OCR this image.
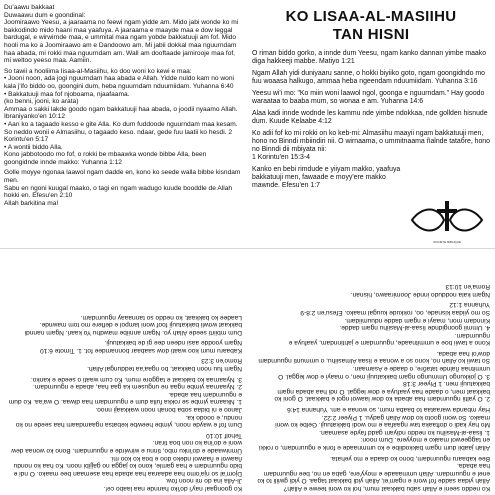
Du'aawu bakkaat
Duwaawu dum e goondinal:
Joomiraawo Yeesu, a jaaraama no feewi ngam yidde am. Mido jabi wonde ko mi bakkodindo mido haani maa yaafuya. A jaaraama e maayde maa e dow leggal bardugal, e wirwirnde maa, e ummital maa ngam yobde bakkatuuji am fof. Mido hooli ma ko a Joomiraawo am e Dandoowo am. Mi jabii dokkal maa nguurndam haa abada, mi rokki maa nguurndam am. Wall am dooftaade jamirooje maa fof, mi weltoo yeeso maa. Aamiin.

So tawii a hooliima Iisaa-al-Masiihu, ko doo woni ko kewi e maa:
• Jooni noon, ada jogi nguurndam haa abada e Allah. Yidde nuldo kam no woni kala j'ifo biddo oo, goongini dum, heba nguurndam nduumiidam. Yuhanna 6:40
• Bakkatuuji maa fof njoboama, njaafaama.
(ko benni, jooni, ko arata)
Ammaa o sakki lakde goodo ngam bakkatuuji haa abada, o joodii nyaamo Allah. Ibraniyanko'en 10:12
• Aan ko a tagaado kesso e gite Alla. Ko dum fuddoode nguurndam maa kesam.
So neddo wonii e Almasiihu, o tagaado keso. ndaar, gede fuu laatii ko hesdi. 2 Korintu'en 5:17
• A wontii biddo Alla.
Kono jabbotoodo mo fof, o rokki be mbaawka wonde bibbe Alla, been goongidnde innde makko: Yuhanna 1:12

Golle moyye ngonaa laawol ngam dadde en, kono ko seede walla bibbe kisndam men.
Sabu en ngoni kuugal maako, o tagi en ngam wadugo kuude booddle de Allah hokki en. Efesu'en 2:10
Allah barkitina ma!

KO LISAA-AL-MASIIHU
TAN HISNI

O riman biddo gorko, a innde dum Yeesu, ngam kanko dannan yimbe maako diga hakkeeji mabbe. Matiyo 1:21

Ngam Allah yidi duniyaaru sanne, o hokki biyiiko goto, ngam goongidndo mo fuu woaasa halkugo, ammaa heba ngeendam nduumiidam. Yuhanna 3:16

Yeesu wi'i mo: "Ko miin woni laawol ngol, goonga e nguurndam." Hay goodo waraataa to baaba mum, so wonaa e am. Yuhanna 14:6

Alaa kadi innde wodnde les kammu nde yimbe ndokkaa, nde gollden hisnude dum. Kuude Kelaabe 4:12

Ko adii fof ko mi rokki on ko keb-mi: Almasiihu maayii ngam bakkatuuji men, hono no Binndi mbiindiri nii. O wirnaama, o ummitnaama ñalnde tataбre, hono no Binndi dii mbiyata nii:
1 Korintu'en 15:3-4

Kanko en bebi rimdude e yiiyam makko, yaafuya bakkatuuji men, fawaade e moyy'ere makko mawnde. Efesu'en 1:7

SOCIETE BIBLIQUE

Ko goongaa! nay'i do'iko hannde naa laabo ce!.
Ji-Alla ina do mi noon fow.
Djom'al so nja'omo haa adaaraa haa abada haa asemaan bee maako. O ndi e bido nguurndam e haa gamle, kono ko jagga no gajjibi noon. Ko haa ko nondu ñaawol e ñaawol ndeko doo e boa ko koo mi.
Ümniwaade e do'inku mbo, tinnu e wirwirde e nguurndam. Bono ko wonaa dew woni e do'ina ko non boa tiran.
Teholf 10:10

Dum fof e wayde noon, yimbe heewbe kebatsa ngaamdaam haa seede no ko nondu, e ooodo ka.
Janoo e ni bidaa soba bonah noon wakkaaji nnoo.
1. Nkaama yimbe se rokka fulla dum e nguurndam haa diwaa. O wa'aa. Ko dum e nguurndam haa abada.
2. Nyaarnaa yimbe ngaa ne ungusem ka gaa haa, abada e nguurndam.
3. Nyaarnaa ko bakkaat e taggore mum. Ko cum waati o seede e kanko.

Ngam fuu noon bakkaat, bo ngaa'aa teddungal Allah.
Romo'en 3:23

Kabaaru mum koo waati dow saabaar bonnamdee fot. 1. Timote 6:10
Ngam yoodde aasi ndeen dee gi de bakkatuuji.

Dum mbiirti seede Allah yo. Ngam anniibe mawdhu Yo kaari. Ngam nanndi bakkaat wowli bakkatuuji foof woni lampol e deftere mo tom mawnde.
Laadee ko bakkaat, ko neddo so tannaaay nguurndam.

Ko neddo seeni e Allah sabu bakkaat mum, hol ko woni teewe e Allah?
Allah yidaa sadde fof woni e ngam'el, Allah yidi bakkaat tagaa. O yidi gwiili to ko enel e nguurndam. Allah ummaaade e moyy'ere, gaba en no, bee nguurndam haa abada.
Bee kabaaru nguurndam, bono ko daada e mo yehata.

Allah jaabii dum ngam bakkodiibe e ko ummnaade e fonk e nguurndam, o rokki en taggeewol maako e moyyere. Dum noon:
1. Iisaa-al-Masiihu ko neddo ndiyam gadd fayde asamaan.
Mo hay kadi o doftaaka taw ngaafaa e mo wodi bakkatuuji. Gelbe ko woni maako. So woni gooto ko dow Allah gadyu. 1 Piyeer 2:22.
Hay mbanda waraataa to baaba mum, so wonaa e am. Yuhanna 14:6

2. O yaltii nguurndam haa abada ko dow laawol ngol e bakkaat. O goni ko bakkaat men, o daade haa yaafuya e dow leggal. O ndi haa abada ngam bakkatuuji men. 1 Piyeer 3:18
3. O jokkungo Ummungo ngam bakkatuuji men, o maayi e dow leggal. O ummitnaa ñalnde tataбre, o daade e Asamaan.
So tawii ko Allah no, kono so a wonaa e Iisaa Almasiihu, o ummunti nguurndam dow'ol haa abada.

Kono a tawii boe e ummitnaade, nguurndam e jahtinndam, yaafuya e nguurndam.
4. Ummii goongidnde Iisaa-al-Masiihu ngam dadde.
Kinndam mon, maayi e ngam dadde nduumiidam.
So mo yiidaa kisnade, oo, rokkude kuugal maako. Efesu'en 2:8-9
Yuhanna 1:12

Ngam kala noddudo innde Joomiraawo, hisnan.
Roma'en 10:13
